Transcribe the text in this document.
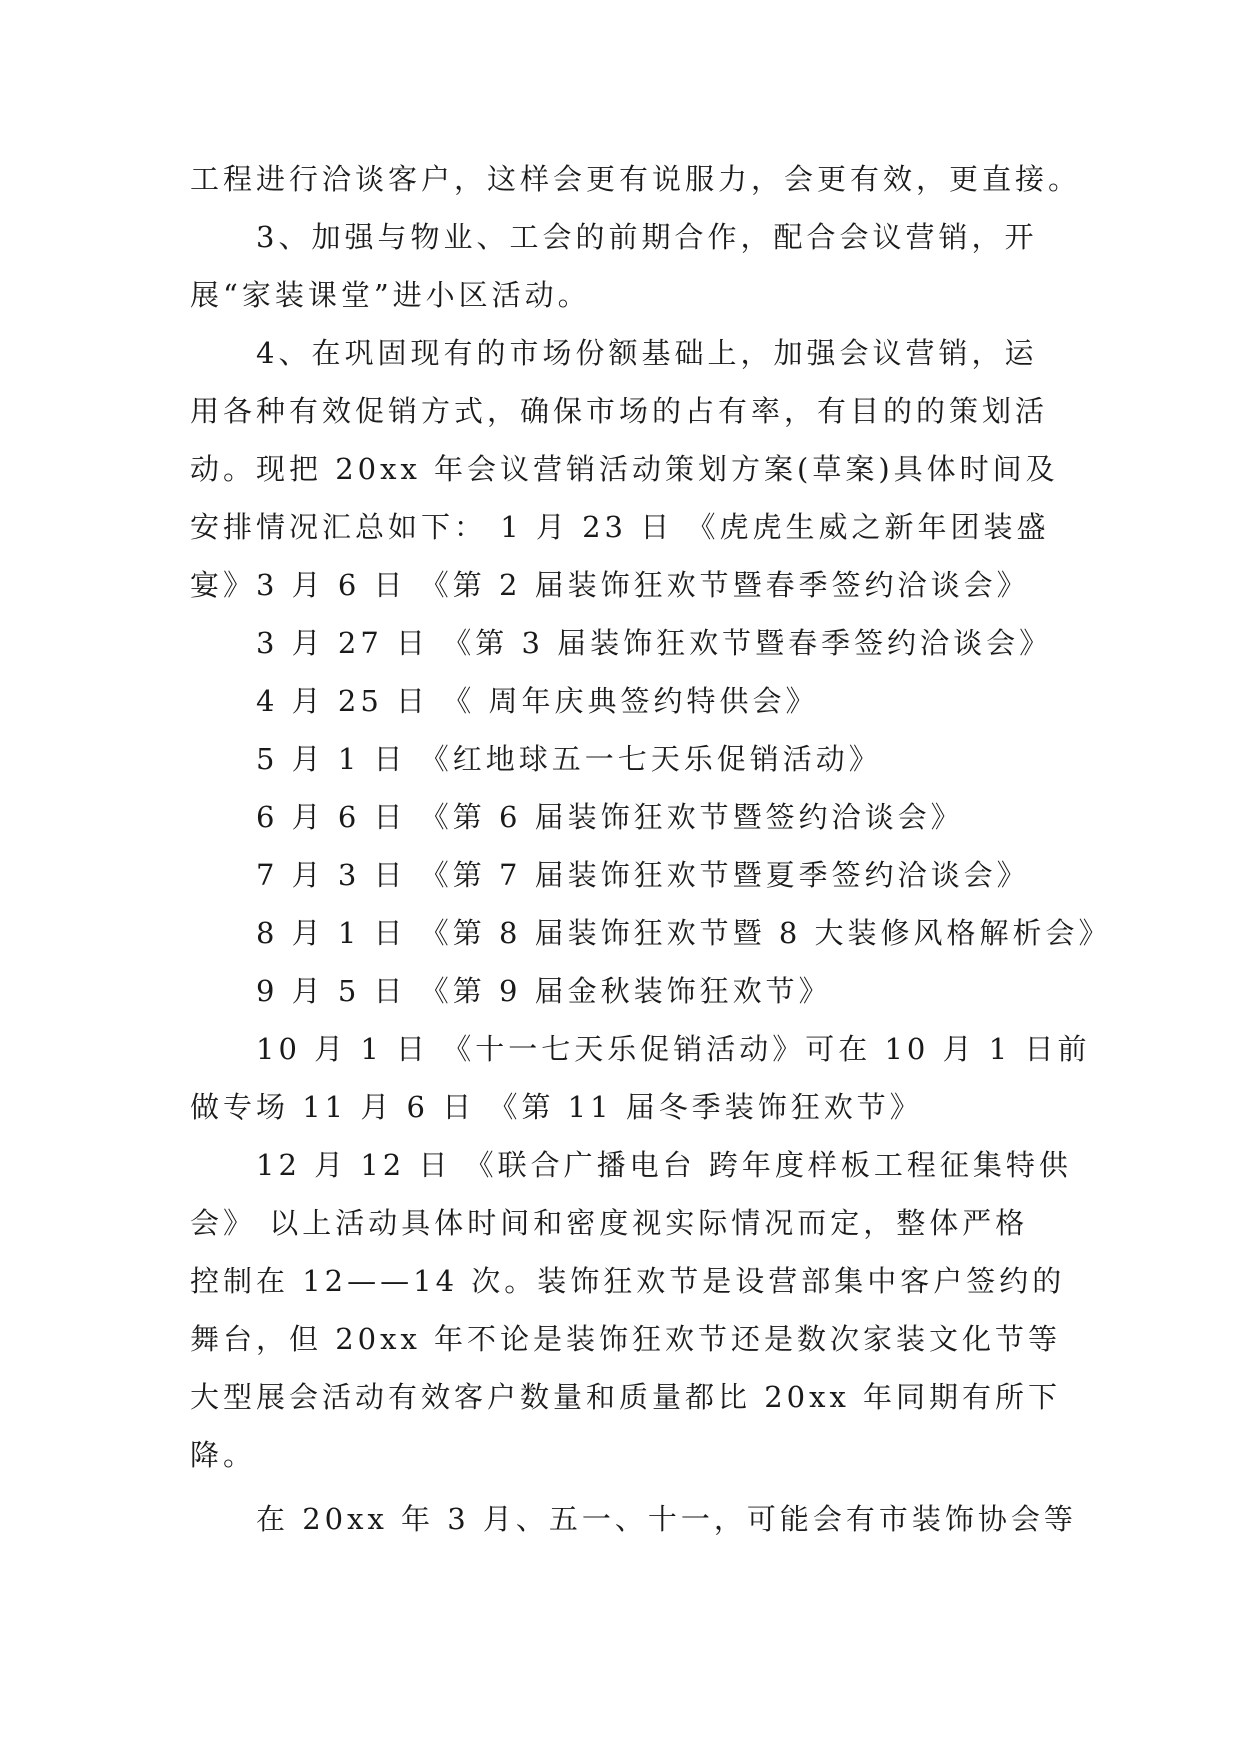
工程进行洽谈客户，这样会更有说服力，会更有效，更直接。
3、加强与物业、工会的前期合作，配合会议营销，开
展“家装课堂”进小区活动。
4、在巩固现有的市场份额基础上，加强会议营销，运
用各种有效促销方式，确保市场的占有率，有目的的策划活
动。现把 20xx 年会议营销活动策划方案(草案)具体时间及
安排情况汇总如下： 1 月 23 日 《虎虎生威之新年团装盛
宴》3 月 6 日 《第 2 届装饰狂欢节暨春季签约洽谈会》
3 月 27 日 《第 3 届装饰狂欢节暨春季签约洽谈会》
4 月 25 日 《 周年庆典签约特供会》
5 月 1 日 《红地球五一七天乐促销活动》
6 月 6 日 《第 6 届装饰狂欢节暨签约洽谈会》
7 月 3 日 《第 7 届装饰狂欢节暨夏季签约洽谈会》
8 月 1 日 《第 8 届装饰狂欢节暨 8 大装修风格解析会》
9 月 5 日 《第 9 届金秋装饰狂欢节》
10 月 1 日 《十一七天乐促销活动》可在 10 月 1 日前
做专场 11 月 6 日 《第 11 届冬季装饰狂欢节》
12 月 12 日 《联合广播电台 跨年度样板工程征集特供
会》 以上活动具体时间和密度视实际情况而定，整体严格
控制在 12——14 次。装饰狂欢节是设营部集中客户签约的
舞台，但 20xx 年不论是装饰狂欢节还是数次家装文化节等
大型展会活动有效客户数量和质量都比 20xx 年同期有所下
降。
在 20xx 年 3 月、五一、十一，可能会有市装饰协会等
